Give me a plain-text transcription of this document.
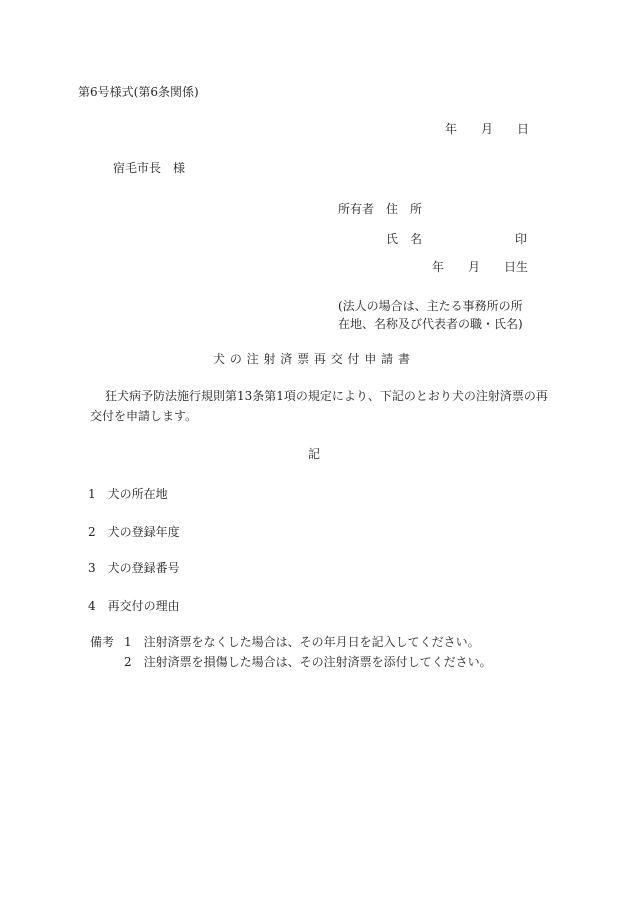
第6号様式(第6条関係)
年　　月　　日
宿毛市長　様
所有者　住　所
氏　名	印
年　　月　　日生
(法人の場合は、主たる事務所の所
在地、名称及び代表者の職・氏名)
犬 の 注 射 済 票 再 交 付 申 請 書
狂犬病予防法施行規則第13条第1項の規定により、下記のとおり犬の注射済票の再
交付を申請します。
記
1　犬の所在地
2　犬の登録年度
3　犬の登録番号
4　再交付の理由
備考 1　注射済票をなくした場合は、その年月日を記入してください。
2　注射済票を損傷した場合は、その注射済票を添付してください。
